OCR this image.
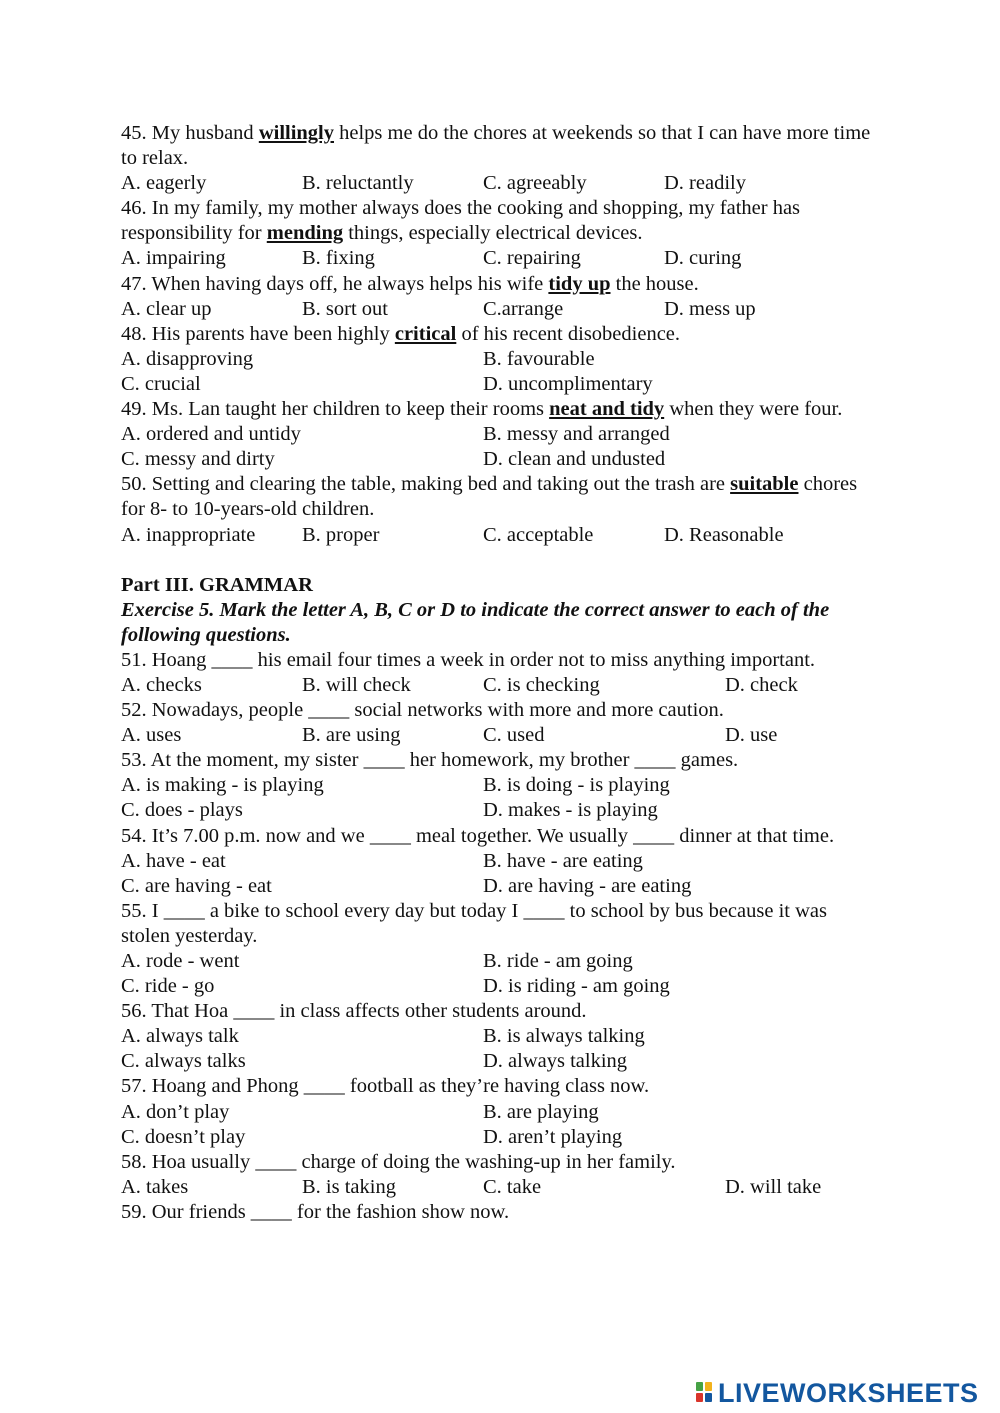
45. My husband willingly helps me do the chores at weekends so that I can have more time to relax.
A. eagerly	B. reluctantly	C. agreeably	D. readily
46. In my family, my mother always does the cooking and shopping, my father has responsibility for mending things, especially electrical devices.
A. impairing	B. fixing	C. repairing	D. curing
47. When having days off, he always helps his wife tidy up the house.
A. clear up	B. sort out	C.arrange	D. mess up
48. His parents have been highly critical of his recent disobedience.
A. disapproving	B. favourable
C. crucial	D. uncomplimentary
49. Ms. Lan taught her children to keep their rooms neat and tidy when they were four.
A. ordered and untidy	B. messy and arranged
C. messy and dirty	D. clean and undusted
50. Setting and clearing the table, making bed and taking out the trash are suitable chores for 8- to 10-years-old children.
A. inappropriate B. proper	C. acceptable	D. Reasonable
Part III. GRAMMAR
Exercise 5. Mark the letter A, B, C or D to indicate the correct answer to each of the following questions.
51. Hoang ____ his email four times a week in order not to miss anything important.
A. checks	B. will check	C. is checking	D. check
52. Nowadays, people ____ social networks with more and more caution.
A. uses	B. are using	C. used	D. use
53. At the moment, my sister ____ her homework, my brother ____ games.
A. is making - is playing	B. is doing - is playing
C. does - plays	D. makes - is playing
54. It’s 7.00 p.m. now and we ____ meal together. We usually ____ dinner at that time.
A. have - eat	B. have - are eating
C. are having - eat	D. are having - are eating
55. I ____ a bike to school every day but today I ____ to school by bus because it was stolen yesterday.
A. rode - went	B. ride - am going
C. ride - go	D. is riding - am going
56. That Hoa ____ in class affects other students around.
A. always talk	B. is always talking
C. always talks	D. always talking
57. Hoang and Phong ____ football as they’re having class now.
A. don’t play	B. are playing
C. doesn’t play	D. aren’t playing
58. Hoa usually ____ charge of doing the washing-up in her family.
A. takes	B. is taking	C. take	D. will take
59. Our friends ____ for the fashion show now.
LIVEWORKSHEETS
